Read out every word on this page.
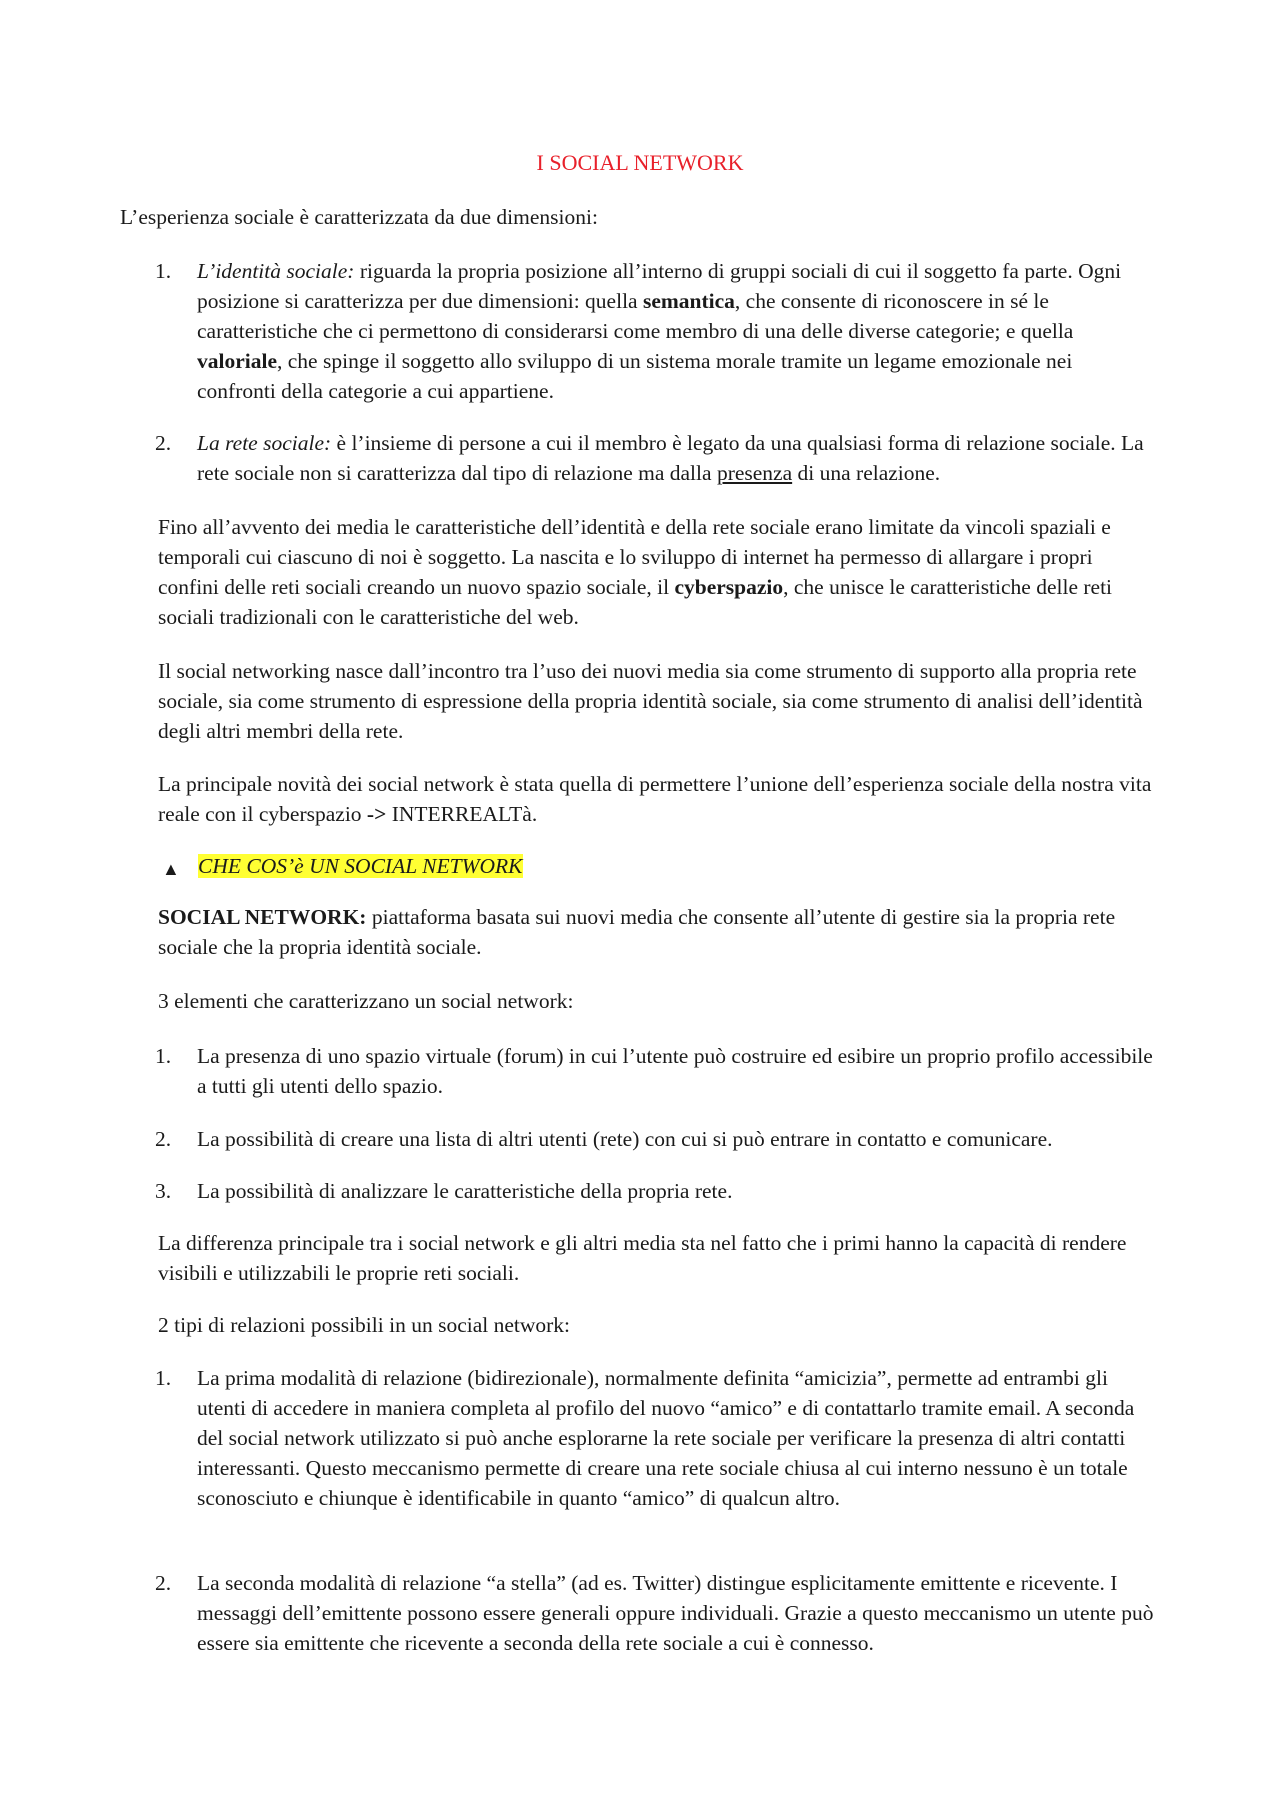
I SOCIAL NETWORK

L’esperienza sociale è caratterizzata da due dimensioni:

1.	L’identità sociale: riguarda la propria posizione all’interno di gruppi sociali di cui il soggetto fa parte. Ogni posizione si caratterizza per due dimensioni: quella semantica, che consente di riconoscere in sé le caratteristiche che ci permettono di considerarsi come membro di una delle diverse categorie; e quella valoriale, che spinge il soggetto allo sviluppo di un sistema morale tramite un legame emozionale nei confronti della categorie a cui appartiene.
2.	La rete sociale: è l’insieme di persone a cui il membro è legato da una qualsiasi forma di relazione sociale. La rete sociale non si caratterizza dal tipo di relazione ma dalla presenza di una relazione.

Fino all’avvento dei media le caratteristiche dell’identità e della rete sociale erano limitate da vincoli spaziali e temporali cui ciascuno di noi è soggetto. La nascita e lo sviluppo di internet ha permesso di allargare i propri confini delle reti sociali creando un nuovo spazio sociale, il cyberspazio, che unisce le caratteristiche delle reti sociali tradizionali con le caratteristiche del web.

Il social networking nasce dall’incontro tra l’uso dei nuovi media sia come strumento di supporto alla propria rete sociale, sia come strumento di espressione della propria identità sociale, sia come strumento di analisi dell’identità degli altri membri della rete.

La principale novità dei social network è stata quella di permettere l’unione dell’esperienza sociale della nostra vita reale con il cyberspazio -> INTERREALTà.

▲ CHE COS’è UN SOCIAL NETWORK

SOCIAL NETWORK: piattaforma basata sui nuovi media che consente all’utente di gestire sia la propria rete sociale che la propria identità sociale.

3 elementi che caratterizzano un social network:

1.	La presenza di uno spazio virtuale (forum) in cui l’utente può costruire ed esibire un proprio profilo accessibile a tutti gli utenti dello spazio.
2.	La possibilità di creare una lista di altri utenti (rete) con cui si può entrare in contatto e comunicare.
3.	La possibilità di analizzare le caratteristiche della propria rete.

La differenza principale tra i social network e gli altri media sta nel fatto che i primi hanno la capacità di rendere visibili e utilizzabili le proprie reti sociali.

2 tipi di relazioni possibili in un social network:

1.	La prima modalità di relazione (bidirezionale), normalmente definita “amicizia”, permette ad entrambi gli utenti di accedere in maniera completa al profilo del nuovo “amico” e di contattarlo tramite email. A seconda del social network utilizzato si può anche esplorarne la rete sociale per verificare la presenza di altri contatti interessanti. Questo meccanismo permette di creare una rete sociale chiusa al cui interno nessuno è un totale sconosciuto e chiunque è identificabile in quanto “amico” di qualcun altro.
2.	La seconda modalità di relazione “a stella” (ad es. Twitter) distingue esplicitamente emittente e ricevente. I messaggi dell’emittente possono essere generali oppure individuali. Grazie a questo meccanismo un utente può essere sia emittente che ricevente a seconda della rete sociale a cui è connesso.
